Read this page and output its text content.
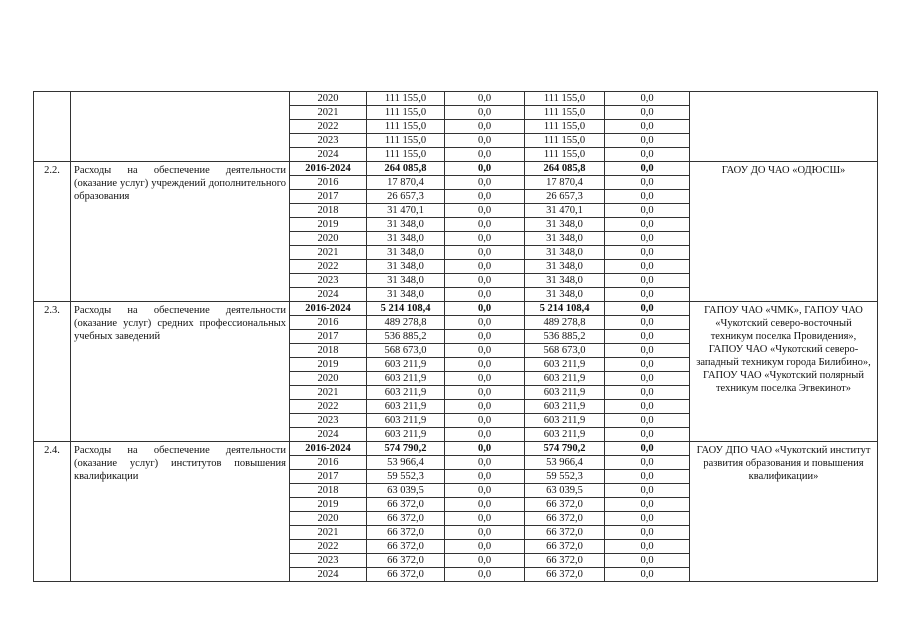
		2020	111 155,0	0,0	111 155,0	0,0	
		2021	111 155,0	0,0	111 155,0	0,0	
		2022	111 155,0	0,0	111 155,0	0,0	
		2023	111 155,0	0,0	111 155,0	0,0	
		2024	111 155,0	0,0	111 155,0	0,0	
2.2.	Расходы на обеспечение деятельности (оказание услуг) учреждений дополнительного образования	2016-2024	264 085,8	0,0	264 085,8	0,0	ГАОУ ДО ЧАО «ОДЮСШ»
		2016	17 870,4	0,0	17 870,4	0,0	
		2017	26 657,3	0,0	26 657,3	0,0	
		2018	31 470,1	0,0	31 470,1	0,0	
		2019	31 348,0	0,0	31 348,0	0,0	
		2020	31 348,0	0,0	31 348,0	0,0	
		2021	31 348,0	0,0	31 348,0	0,0	
		2022	31 348,0	0,0	31 348,0	0,0	
		2023	31 348,0	0,0	31 348,0	0,0	
		2024	31 348,0	0,0	31 348,0	0,0	
2.3.	Расходы на обеспечение деятельности (оказание услуг) средних профессиональных учебных заведений	2016-2024	5 214 108,4	0,0	5 214 108,4	0,0	ГАПОУ ЧАО «ЧМК», ГАПОУ ЧАО «Чукотский северо-восточный техникум поселка Провидения», ГАПОУ ЧАО «Чукотский северо-западный техникум города Билибино», ГАПОУ ЧАО «Чукотский полярный техникум поселка Эгвекинот»
		2016	489 278,8	0,0	489 278,8	0,0	
		2017	536 885,2	0,0	536 885,2	0,0	
		2018	568 673,0	0,0	568 673,0	0,0	
		2019	603 211,9	0,0	603 211,9	0,0	
		2020	603 211,9	0,0	603 211,9	0,0	
		2021	603 211,9	0,0	603 211,9	0,0	
		2022	603 211,9	0,0	603 211,9	0,0	
		2023	603 211,9	0,0	603 211,9	0,0	
		2024	603 211,9	0,0	603 211,9	0,0	
2.4.	Расходы на обеспечение деятельности (оказание услуг) институтов повышения квалификации	2016-2024	574 790,2	0,0	574 790,2	0,0	ГАОУ ДПО ЧАО «Чукотский институт развития образования и повышения квалификации»
		2016	53 966,4	0,0	53 966,4	0,0	
		2017	59 552,3	0,0	59 552,3	0,0	
		2018	63 039,5	0,0	63 039,5	0,0	
		2019	66 372,0	0,0	66 372,0	0,0	
		2020	66 372,0	0,0	66 372,0	0,0	
		2021	66 372,0	0,0	66 372,0	0,0	
		2022	66 372,0	0,0	66 372,0	0,0	
		2023	66 372,0	0,0	66 372,0	0,0	
		2024	66 372,0	0,0	66 372,0	0,0	
